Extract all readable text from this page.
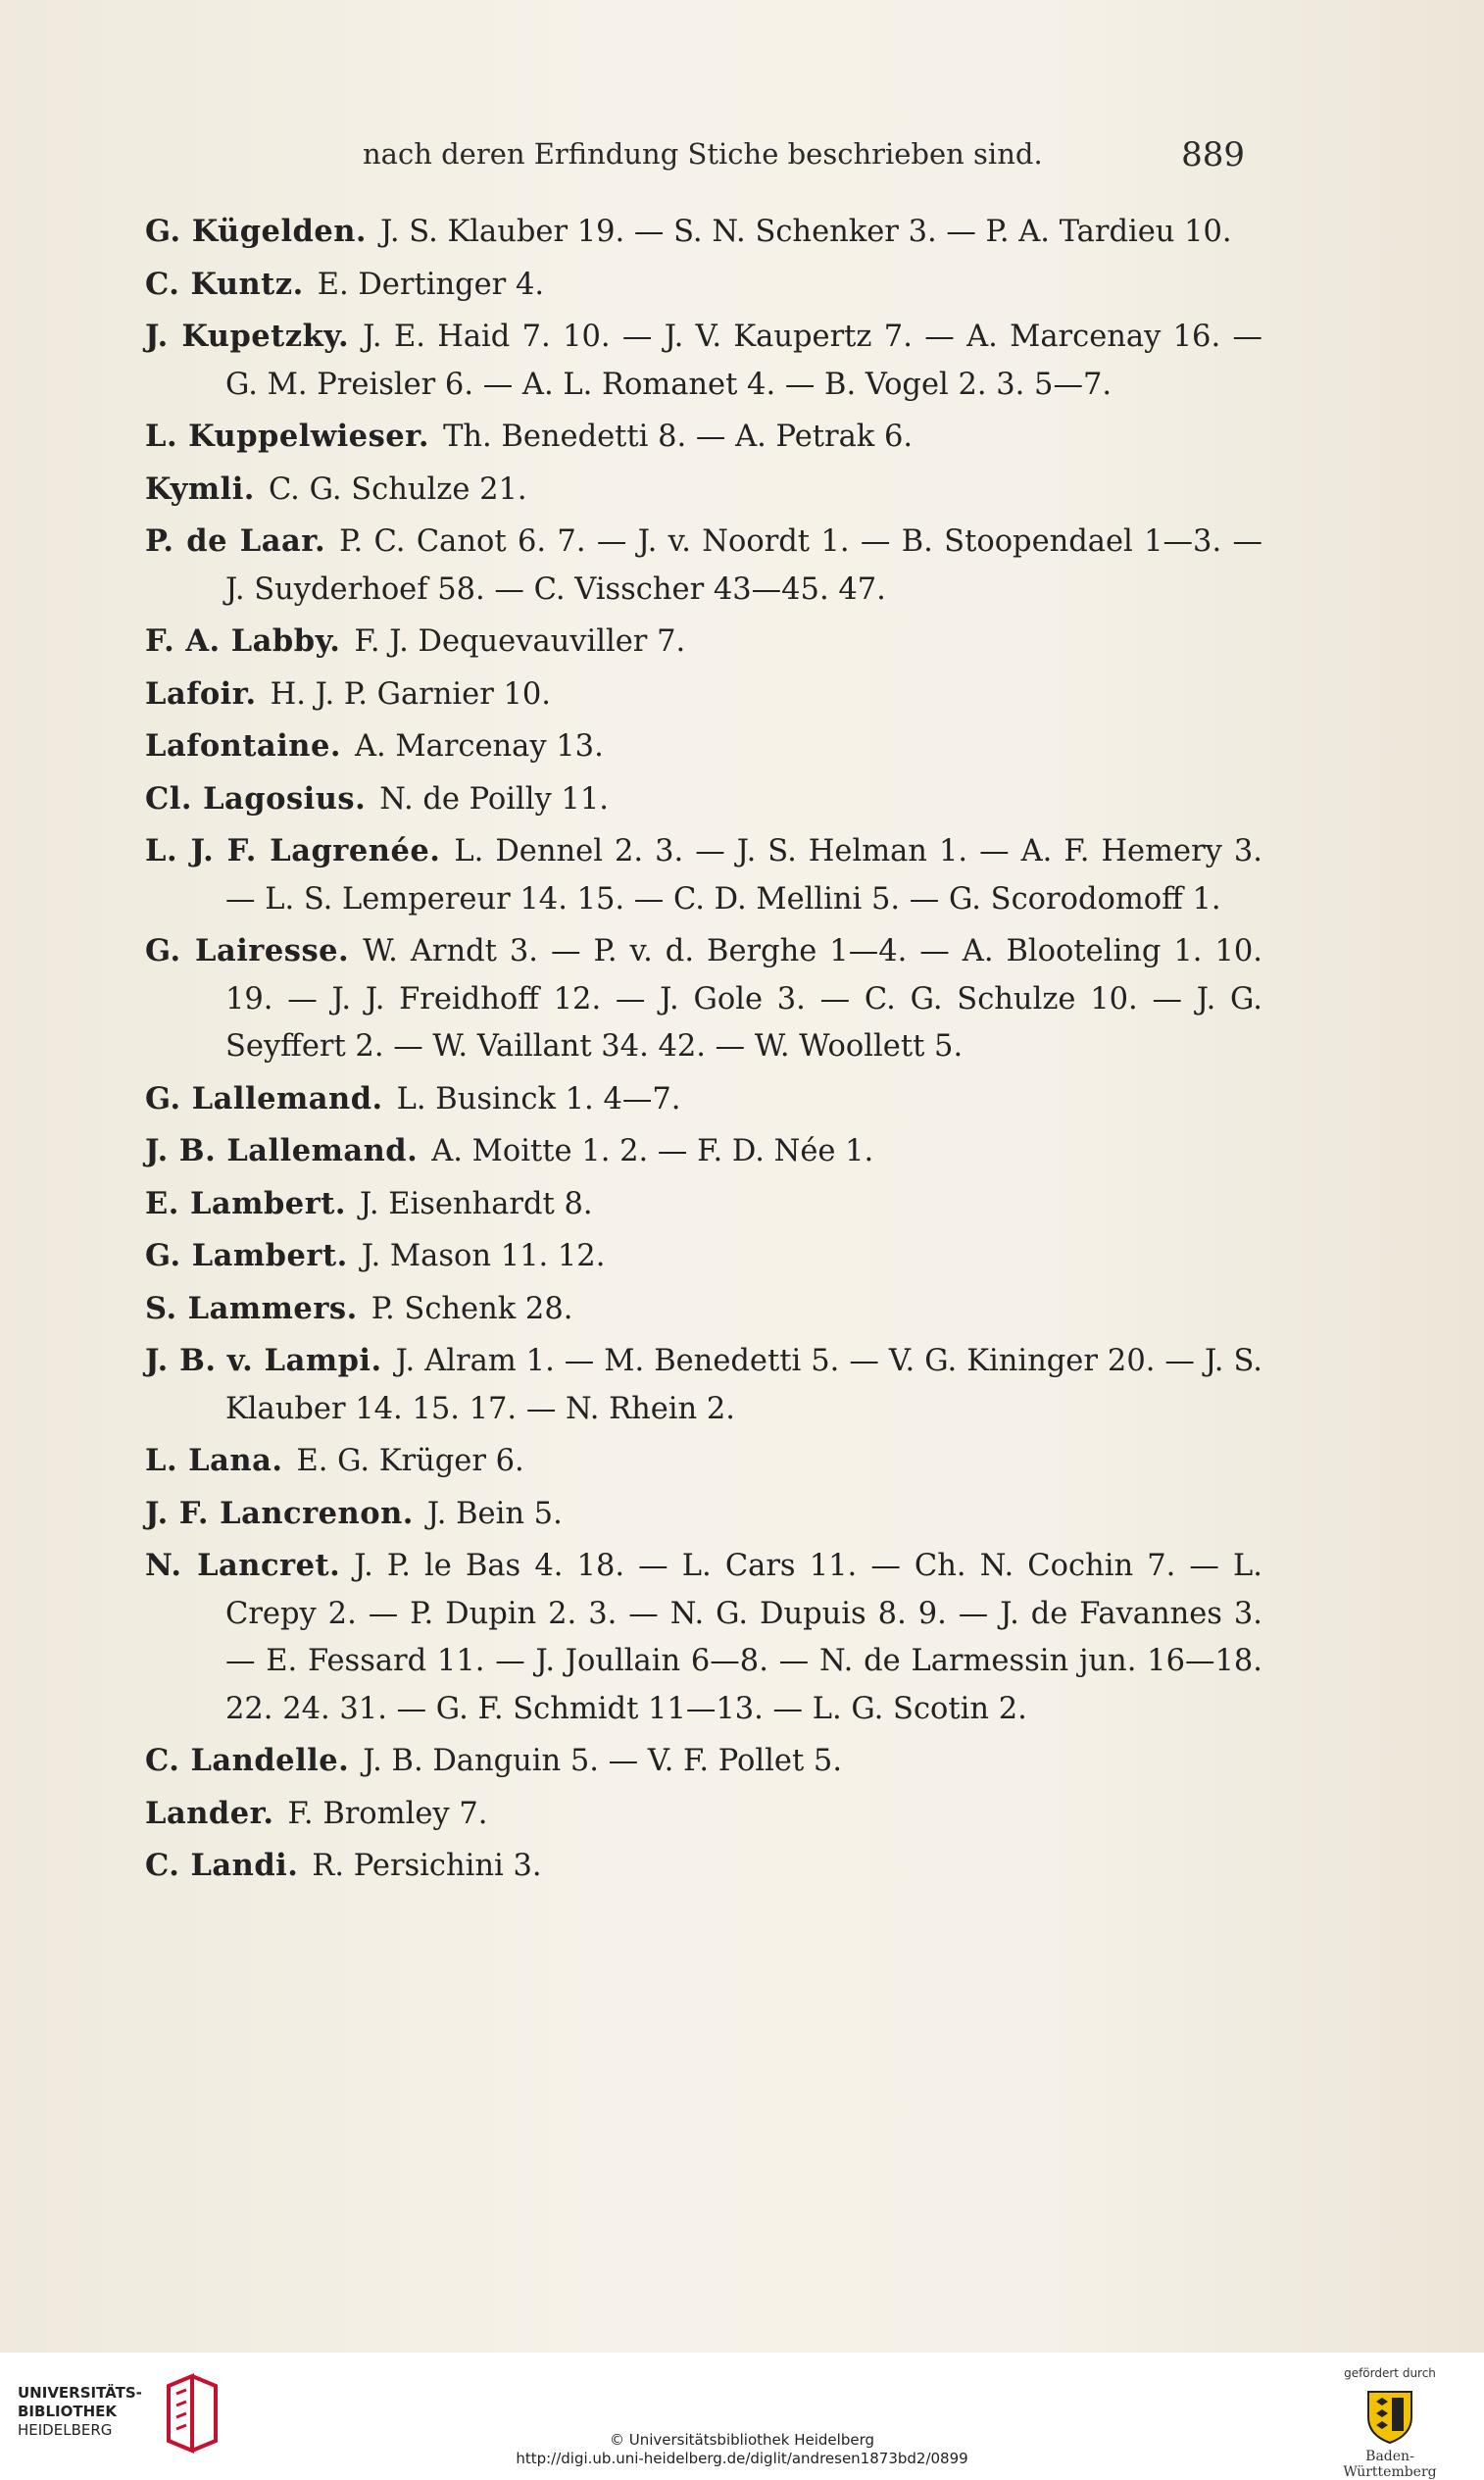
nach deren Erfindung Stiche beschrieben sind.	889

G. Kügelden. J. S. Klauber 19. — S. N. Schenker 3. — P. A. Tardieu 10.

C. Kuntz. E. Dertinger 4.

J. Kupetzky. J. E. Haid 7. 10. — J. V. Kaupertz 7. — A. Marcenay 16. — G. M. Preisler 6. — A. L. Romanet 4. — B. Vogel 2. 3. 5—7.

L. Kuppelwieser. Th. Benedetti 8. — A. Petrak 6.

Kymli. C. G. Schulze 21.

P. de Laar. P. C. Canot 6. 7. — J. v. Noordt 1. — B. Stoopendael 1—3. — J. Suyderhoef 58. — C. Visscher 43—45. 47.

F. A. Labby. F. J. Dequevauviller 7.

Lafoir. H. J. P. Garnier 10.

Lafontaine. A. Marcenay 13.

Cl. Lagosius. N. de Poilly 11.

L. J. F. Lagrenée. L. Dennel 2. 3. — J. S. Helman 1. — A. F. Hemery 3. — L. S. Lempereur 14. 15. — C. D. Mellini 5. — G. Scorodomoff 1.

G. Lairesse. W. Arndt 3. — P. v. d. Berghe 1—4. — A. Blooteling 1. 10. 19. — J. J. Freidhoff 12. — J. Gole 3. — C. G. Schulze 10. — J. G. Seyffert 2. — W. Vaillant 34. 42. — W. Woollett 5.

G. Lallemand. L. Businck 1. 4—7.

J. B. Lallemand. A. Moitte 1. 2. — F. D. Née 1.

E. Lambert. J. Eisenhardt 8.

G. Lambert. J. Mason 11. 12.

S. Lammers. P. Schenk 28.

J. B. v. Lampi. J. Alram 1. — M. Benedetti 5. — V. G. Kininger 20. — J. S. Klauber 14. 15. 17. — N. Rhein 2.

L. Lana. E. G. Krüger 6.

J. F. Lancrenon. J. Bein 5.

N. Lancret. J. P. le Bas 4. 18. — L. Cars 11. — Ch. N. Cochin 7. — L. Crepy 2. — P. Dupin 2. 3. — N. G. Dupuis 8. 9. — J. de Favannes 3. — E. Fessard 11. — J. Joullain 6—8. — N. de Larmessin jun. 16—18. 22. 24. 31. — G. F. Schmidt 11—13. — L. G. Scotin 2.

C. Landelle. J. B. Danguin 5. — V. F. Pollet 5.

Lander. F. Bromley 7.

C. Landi. R. Persichini 3.

UNIVERSITÄTS-
BIBLIOTHEK
HEIDELBERG
© Universitätsbibliothek Heidelberg
http://digi.ub.uni-heidelberg.de/diglit/andresen1873bd2/0899
gefördert durch
Baden-Württemberg
